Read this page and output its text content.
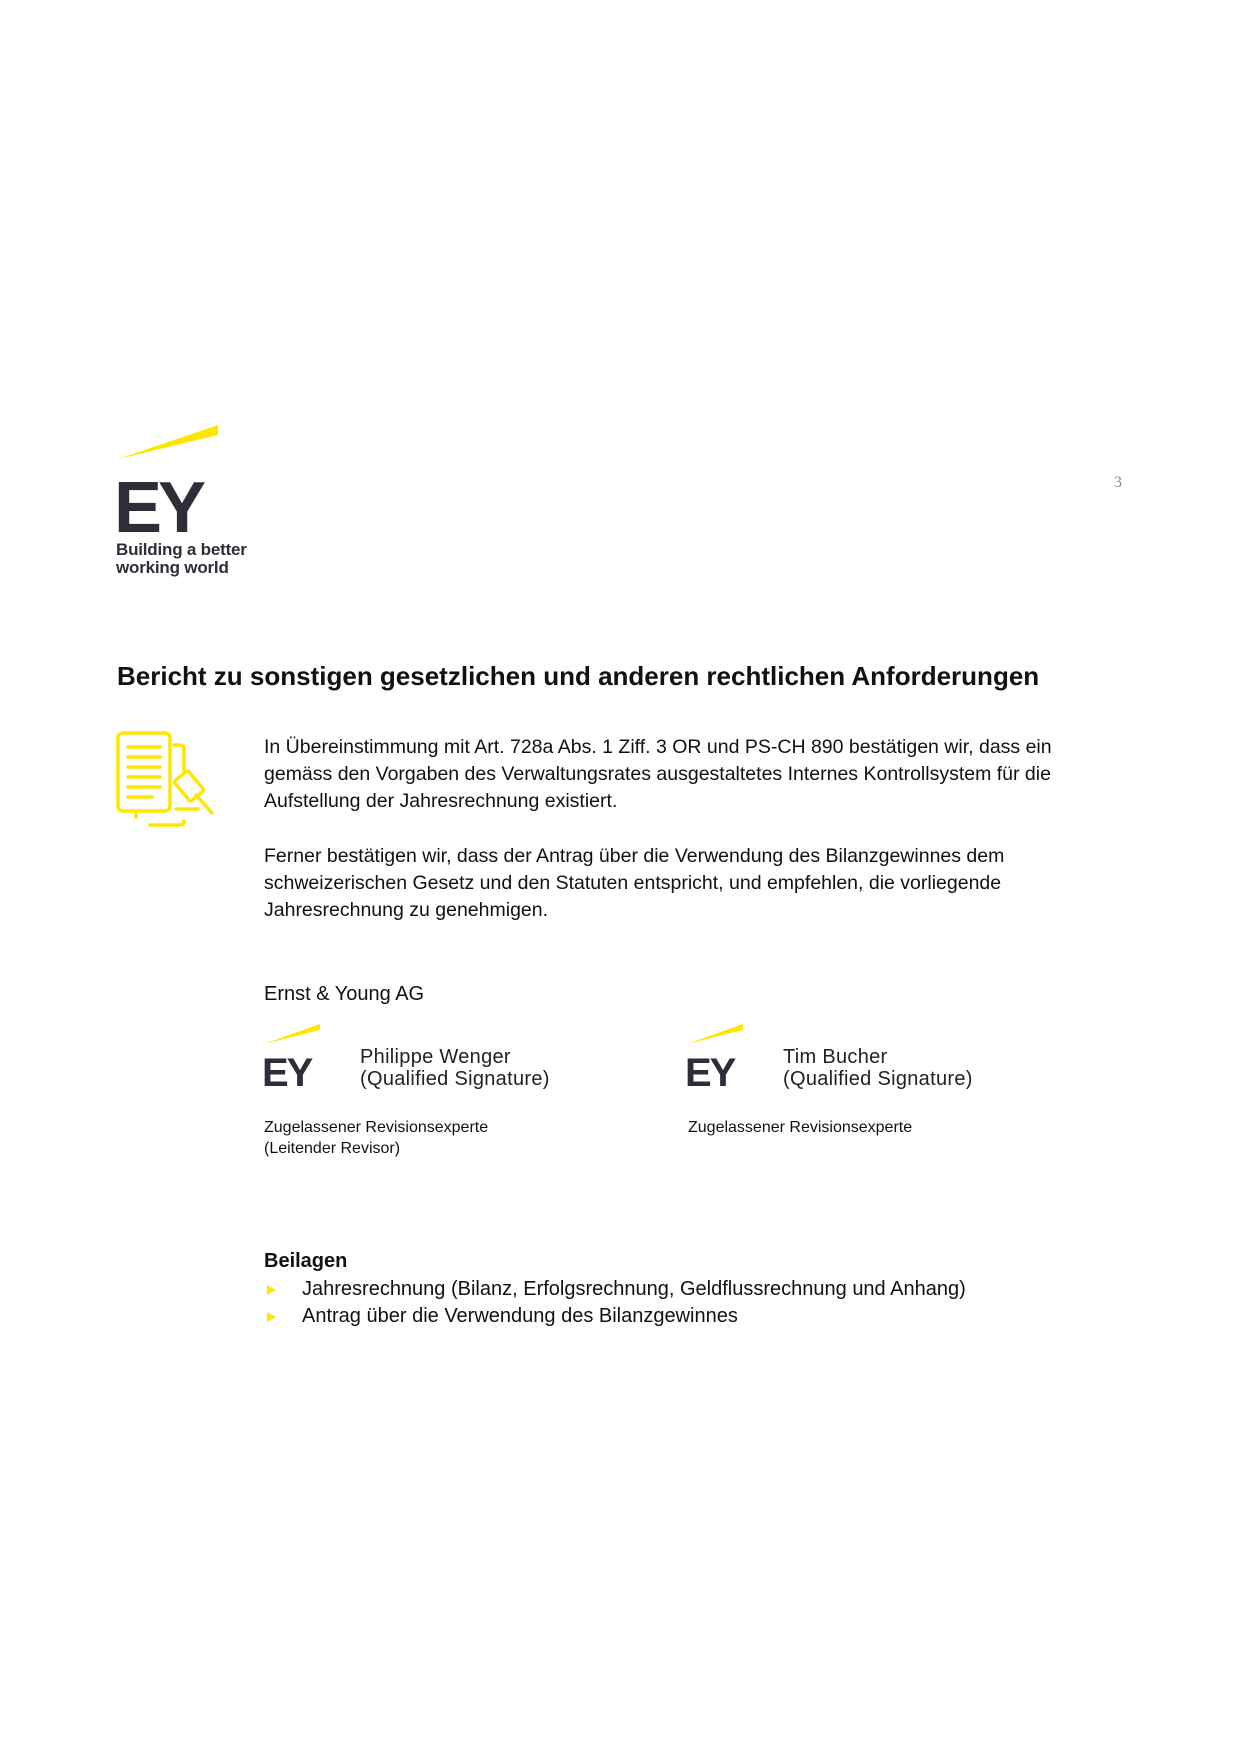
EY
Building a better
working world
3
Bericht zu sonstigen gesetzlichen und anderen rechtlichen Anforderungen
In Übereinstimmung mit Art. 728a Abs. 1 Ziff. 3 OR und PS-CH 890 bestätigen wir, dass ein
gemäss den Vorgaben des Verwaltungsrates ausgestaltetes Internes Kontrollsystem für die
Aufstellung der Jahresrechnung existiert.
Ferner bestätigen wir, dass der Antrag über die Verwendung des Bilanzgewinnes dem
schweizerischen Gesetz und den Statuten entspricht, und empfehlen, die vorliegende
Jahresrechnung zu genehmigen.
Ernst & Young AG
EY Philippe Wenger
(Qualified Signature)
Zugelassener Revisionsexperte
(Leitender Revisor)
EY Tim Bucher
(Qualified Signature)
Zugelassener Revisionsexperte
Beilagen
Jahresrechnung (Bilanz, Erfolgsrechnung, Geldflussrechnung und Anhang)
Antrag über die Verwendung des Bilanzgewinnes
